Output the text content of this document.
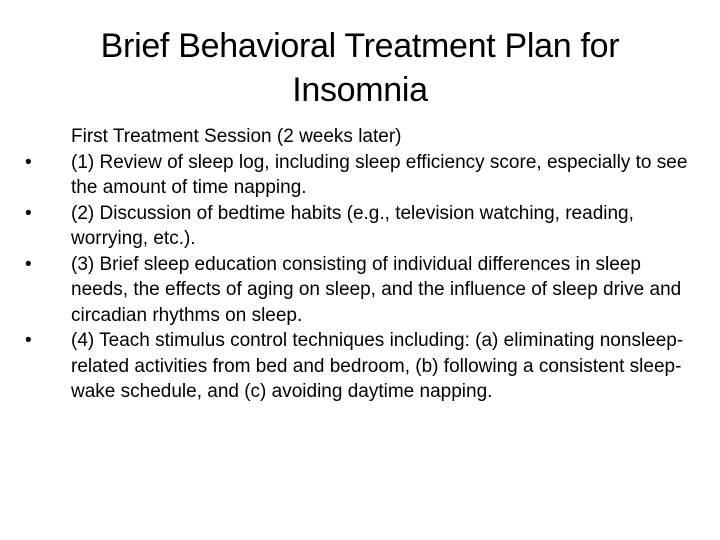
Brief Behavioral Treatment Plan for Insomnia
First Treatment Session (2 weeks later)
•	(1) Review of sleep log, including sleep efficiency score, especially to see the amount of time napping.
•	(2) Discussion of bedtime habits (e.g., television watching, reading, worrying, etc.).
•	(3) Brief sleep education consisting of individual differences in sleep needs, the effects of aging on sleep, and the influence of sleep drive and circadian rhythms on sleep.
•	(4) Teach stimulus control techniques including: (a) eliminating nonsleep-related activities from bed and bedroom, (b) following a consistent sleep-wake schedule, and (c) avoiding daytime napping.
